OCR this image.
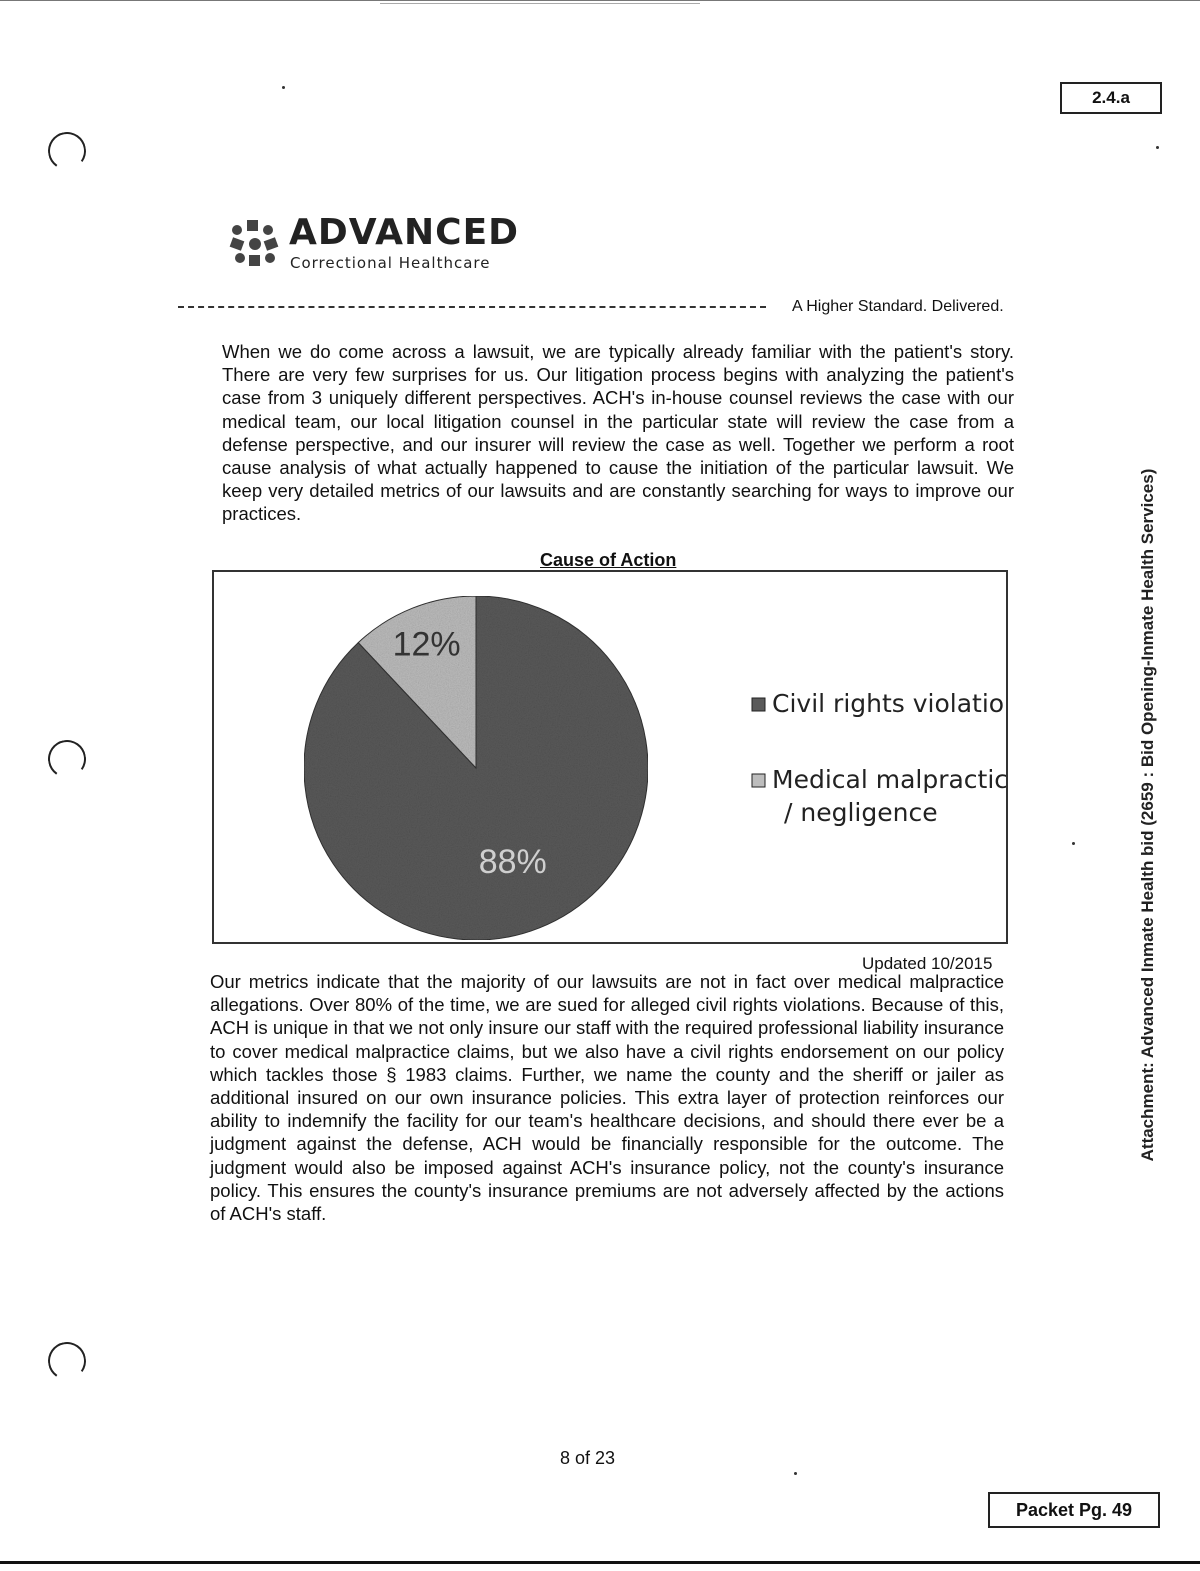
2.4.a
ADVANCED
Correctional Healthcare
A Higher Standard. Delivered.
When we do come across a lawsuit, we are typically already familiar with the patient's story. There are very few surprises for us. Our litigation process begins with analyzing the patient's case from 3 uniquely different perspectives. ACH's in-house counsel reviews the case with our medical team, our local litigation counsel in the particular state will review the case from a defense perspective, and our insurer will review the case as well. Together we perform a root cause analysis of what actually happened to cause the initiation of the particular lawsuit. We keep very detailed metrics of our lawsuits and are constantly searching for ways to improve our practices.
Cause of Action
88%
12%
Civil rights violation
Medical malpractice
/ negligence
Updated 10/2015
Our metrics indicate that the majority of our lawsuits are not in fact over medical malpractice allegations. Over 80% of the time, we are sued for alleged civil rights violations. Because of this, ACH is unique in that we not only insure our staff with the required professional liability insurance to cover medical malpractice claims, but we also have a civil rights endorsement on our policy which tackles those § 1983 claims. Further, we name the county and the sheriff or jailer as additional insured on our own insurance policies. This extra layer of protection reinforces our ability to indemnify the facility for our team's healthcare decisions, and should there ever be a judgment against the defense, ACH would be financially responsible for the outcome. The judgment would also be imposed against ACH's insurance policy, not the county's insurance policy. This ensures the county's insurance premiums are not adversely affected by the actions of ACH's staff.
Attachment: Advanced Inmate Health bid (2659 : Bid Opening-Inmate Health Services)
8 of 23
Packet Pg. 49
